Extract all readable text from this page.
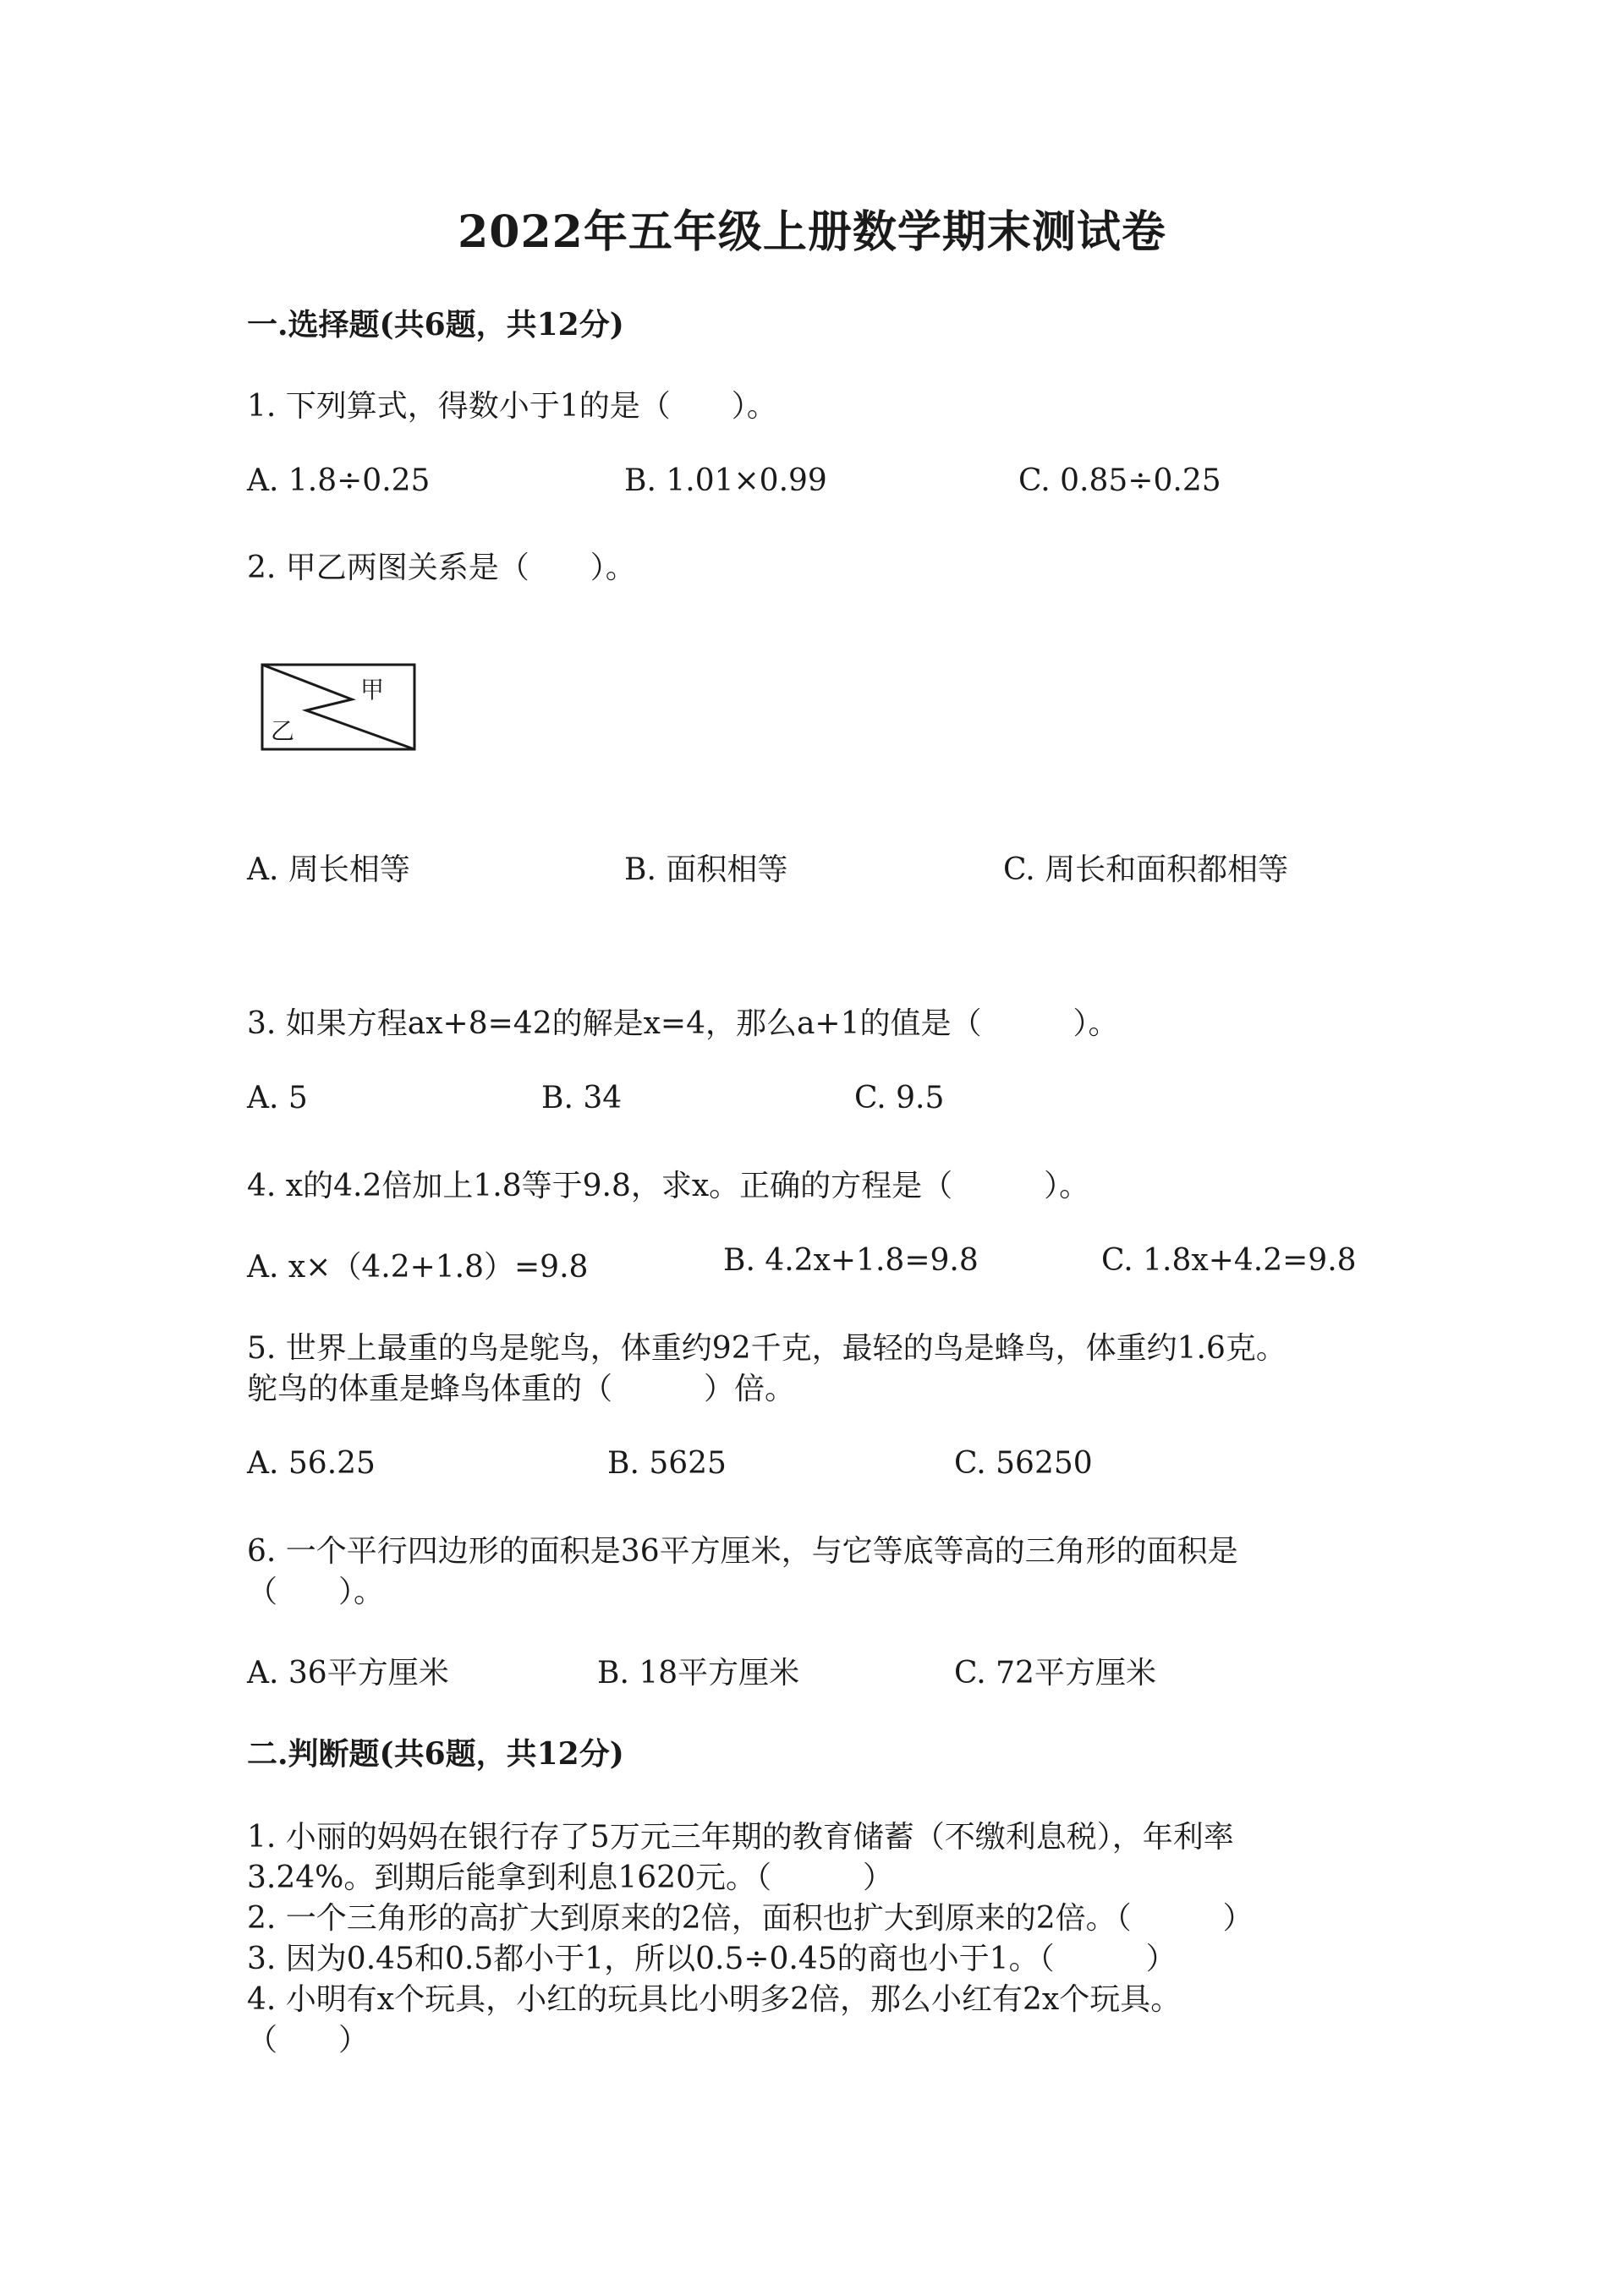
2022年五年级上册数学期末测试卷
一.选择题(共6题，共12分)
1. 下列算式，得数小于1的是（　　）。
A. 1.8÷0.25	B. 1.01×0.99	C. 0.85÷0.25
2. 甲乙两图关系是（　　）。
甲
乙
A. 周长相等	B. 面积相等	C. 周长和面积都相等
3. 如果方程ax+8=42的解是x=4，那么a+1的值是（　　　）。
A. 5	B. 34	C. 9.5
4. x的4.2倍加上1.8等于9.8，求x。正确的方程是（　　　）。
A. x×（4.2+1.8）=9.8	B. 4.2x+1.8=9.8	C. 1.8x+4.2=9.8
5. 世界上最重的鸟是鸵鸟，体重约92千克，最轻的鸟是蜂鸟，体重约1.6克。
鸵鸟的体重是蜂鸟体重的（　　　）倍。
A. 56.25	B. 5625	C. 56250
6. 一个平行四边形的面积是36平方厘米，与它等底等高的三角形的面积是
（　　）。
A. 36平方厘米	B. 18平方厘米	C. 72平方厘米
二.判断题(共6题，共12分)
1. 小丽的妈妈在银行存了5万元三年期的教育储蓄（不缴利息税），年利率
3.24%。到期后能拿到利息1620元。（　　　）
2. 一个三角形的高扩大到原来的2倍，面积也扩大到原来的2倍。（　　　）
3. 因为0.45和0.5都小于1，所以0.5÷0.45的商也小于1。（　　　）
4. 小明有x个玩具，小红的玩具比小明多2倍，那么小红有2x个玩具。
（　　）
